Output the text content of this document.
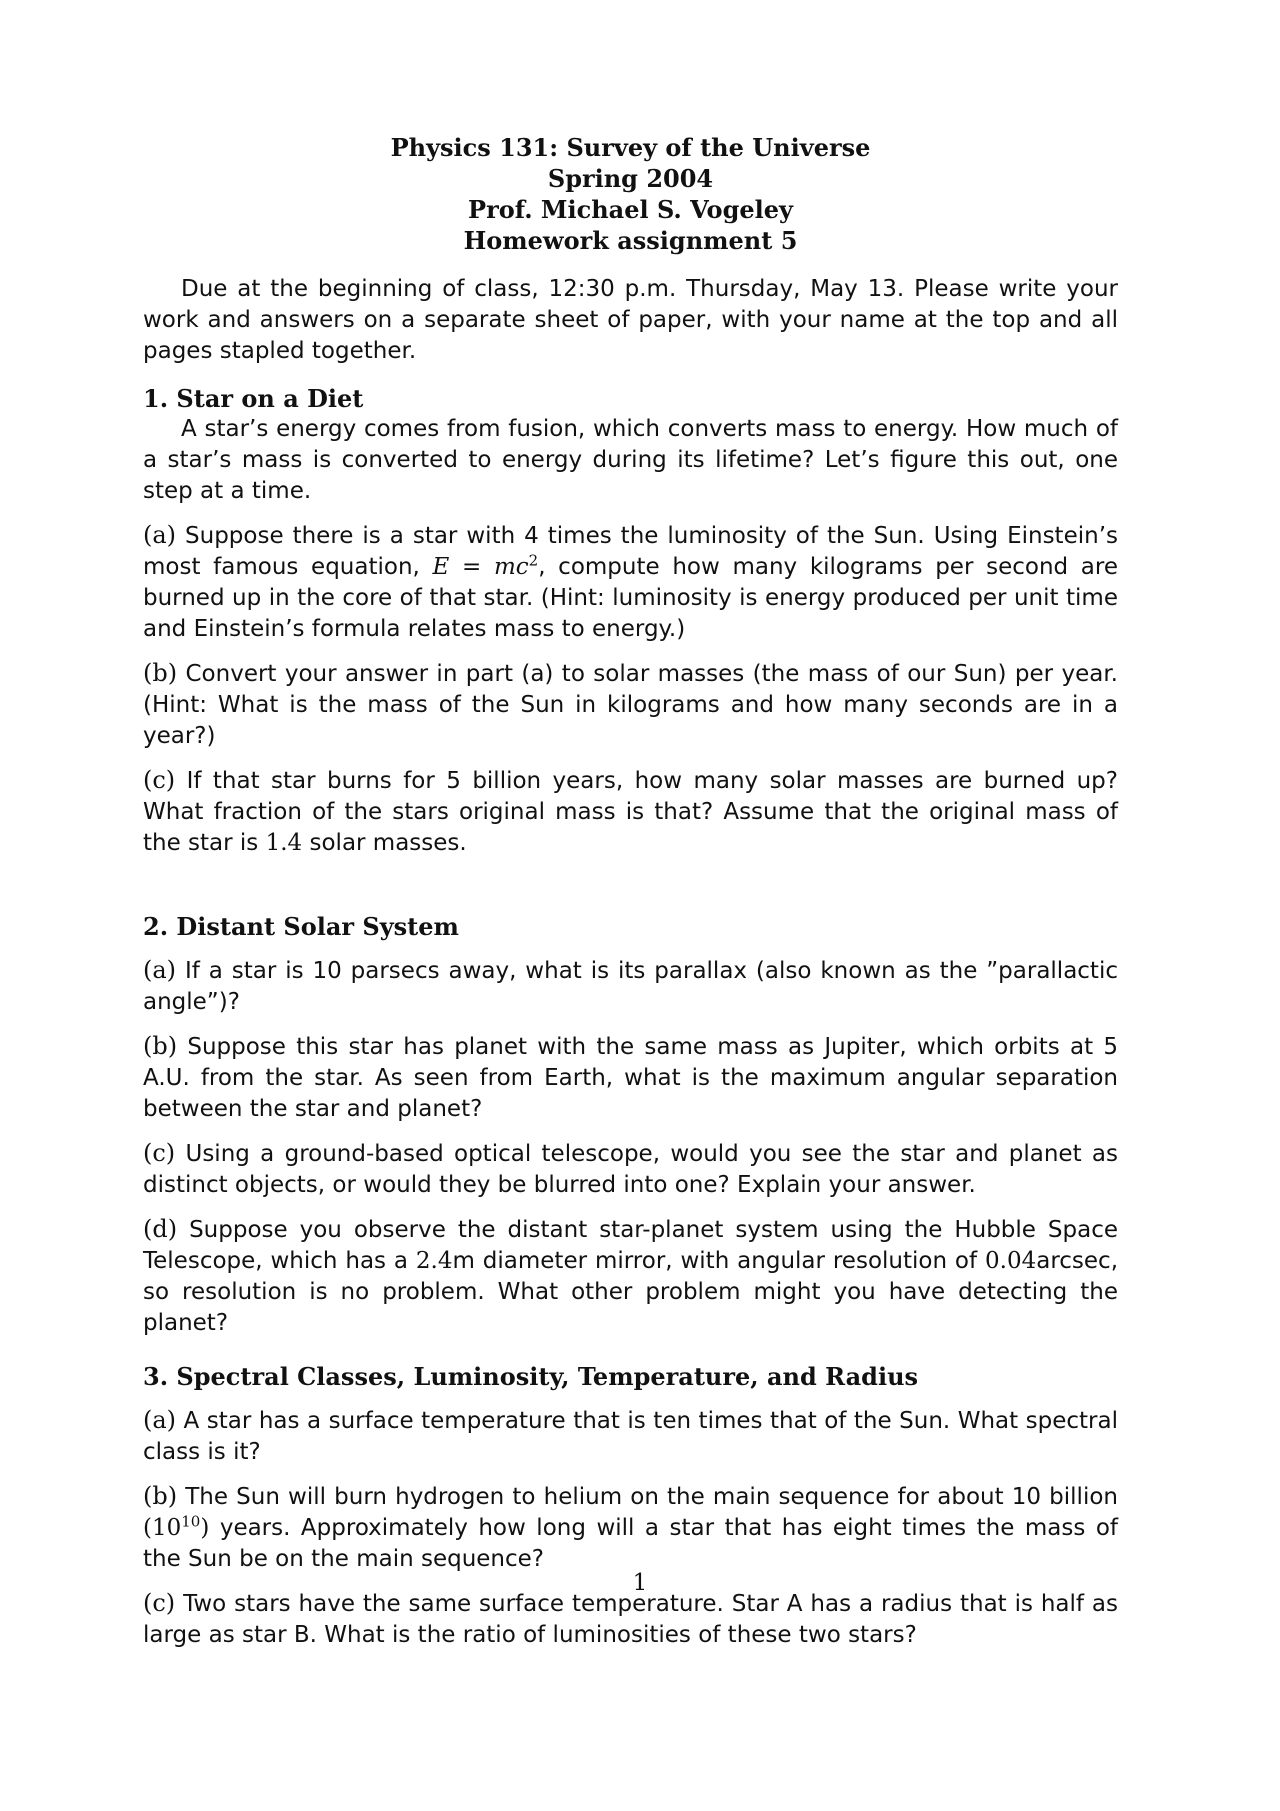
Physics 131: Survey of the Universe
Spring 2004
Prof. Michael S. Vogeley
Homework assignment 5

Due at the beginning of class, 12:30 p.m. Thursday, May 13. Please write your work and answers on a separate sheet of paper, with your name at the top and all pages stapled together.

1. Star on a Diet
A star’s energy comes from fusion, which converts mass to energy. How much of a star’s mass is converted to energy during its lifetime? Let’s figure this out, one step at a time.
(a) Suppose there is a star with 4 times the luminosity of the Sun. Using Einstein’s most famous equation, $E = mc^2$, compute how many kilograms per second are burned up in the core of that star. (Hint: luminosity is energy produced per unit time and Einstein’s formula relates mass to energy.)
(b) Convert your answer in part (a) to solar masses (the mass of our Sun) per year. (Hint: What is the mass of the Sun in kilograms and how many seconds are in a year?)
(c) If that star burns for 5 billion years, how many solar masses are burned up? What fraction of the stars original mass is that? Assume that the original mass of the star is 1.4 solar masses.
2. Distant Solar System
(a) If a star is 10 parsecs away, what is its parallax (also known as the ”parallactic angle”)?
(b) Suppose this star has planet with the same mass as Jupiter, which orbits at 5 A.U. from the star. As seen from Earth, what is the maximum angular separation between the star and planet?
(c) Using a ground-based optical telescope, would you see the star and planet as distinct objects, or would they be blurred into one? Explain your answer.
(d) Suppose you observe the distant star-planet system using the Hubble Space Telescope, which has a 2.4m diameter mirror, with angular resolution of 0.04arcsec, so resolution is no problem. What other problem might you have detecting the planet?
3. Spectral Classes, Luminosity, Temperature, and Radius
(a) A star has a surface temperature that is ten times that of the Sun. What spectral class is it?
(b) The Sun will burn hydrogen to helium on the main sequence for about 10 billion $(10^{10})$ years. Approximately how long will a star that has eight times the mass of the Sun be on the main sequence?
(c) Two stars have the same surface temperature. Star A has a radius that is half as large as star B. What is the ratio of luminosities of these two stars?
1
